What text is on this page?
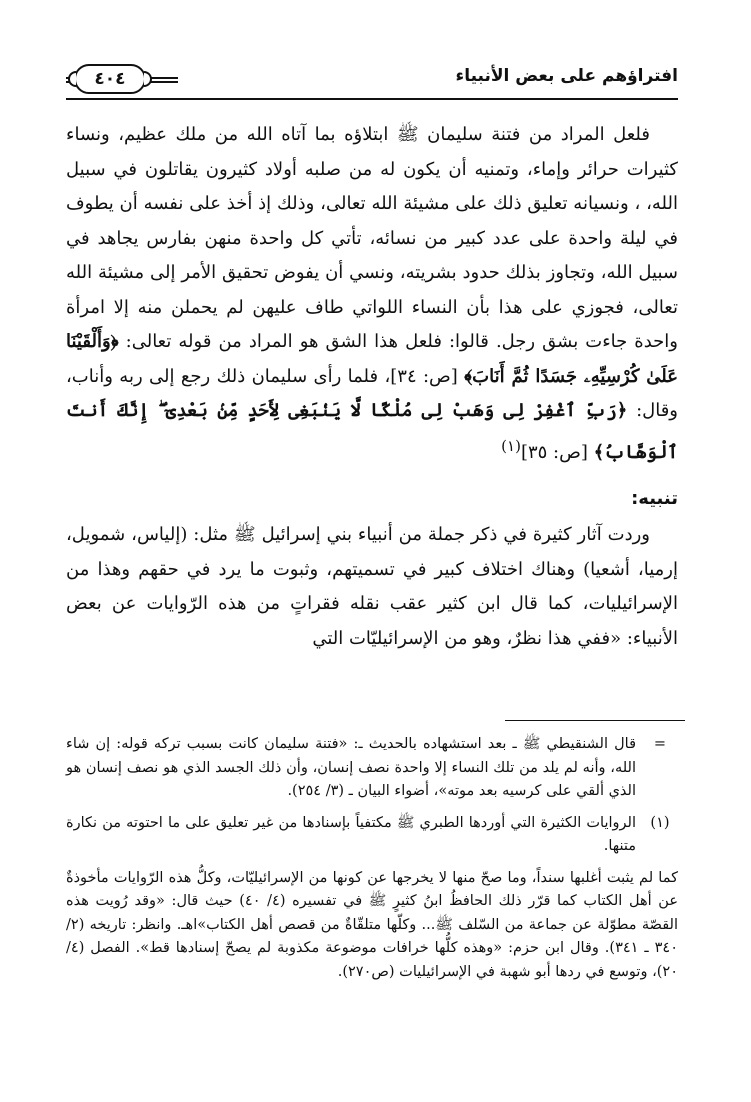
افتراؤهم على بعض الأنبياء
٤٠٤

فلعل المراد من فتنة سليمان ﷺ ابتلاؤه بما آتاه الله من ملك عظيم، ونساء كثيرات حرائر وإماء، وتمنيه أن يكون له من صلبه أولاد كثيرون يقاتلون في سبيل الله، ، ونسيانه تعليق ذلك على مشيئة الله تعالى، وذلك إذ أخذ على نفسه أن يطوف في ليلة واحدة على عدد كبير من نسائه، تأتي كل واحدة منهن بفارس يجاهد في سبيل الله، وتجاوز بذلك حدود بشريته، ونسي أن يفوض تحقيق الأمر إلى مشيئة الله تعالى، فجوزي على هذا بأن النساء اللواتي طاف عليهن لم يحملن منه إلا امرأة واحدة جاءت بشق رجل. قالوا: فلعل هذا الشق هو المراد من قوله تعالى: ﴿وَأَلْقَيْنَا عَلَىٰ كُرْسِيِّهِۦ جَسَدًا ثُمَّ أَنَابَ﴾ [ص: ٣٤]، فلما رأى سليمان ذلك رجع إلى ربه وأناب، وقال: ﴿رَبِّ ٱغْفِرْ لِى وَهَبْ لِى مُلْكًا لَّا يَنۢبَغِى لِأَحَدٍ مِّنۢ بَعْدِىٓ ۖ إِنَّكَ أَنتَ ٱلْوَهَّابُ﴾ [ص: ٣٥]$^{(١)}$

تنبيه:

وردت آثار كثيرة في ذكر جملة من أنبياء بني إسرائيل ﷺ مثل: (إلياس، شمويل، إرميا، أشعيا) وهناك اختلاف كبير في تسميتهم، وثبوت ما يرد في حقهم وهذا من الإسرائيليات، كما قال ابن كثير عقب نقله فقراتٍ من هذه الرّوايات عن بعض الأنبياء: «ففي هذا نظرٌ، وهو من الإسرائيليّات التي

=
قال الشنقيطي ﷺ ـ بعد استشهاده بالحديث ـ: «فتنة سليمان كانت بسبب تركه قوله: إن شاء الله، وأنه لم يلد من تلك النساء إلا واحدة نصف إنسان، وأن ذلك الجسد الذي هو نصف إنسان هو الذي ألقي على كرسيه بعد موته»، أضواء البيان ـ (٣/ ٢٥٤).
(١)
الروايات الكثيرة التي أوردها الطبري ﷺ مكتفياً بإسنادها من غير تعليق على ما احتوته من نكارة متنها.

كما لم يثبت أغلبها سنداً، وما صحّ منها لا يخرجها عن كونها من الإسرائيليّات، وكلُّ هذه الرّوايات مأخوذةٌ عن أهل الكتاب كما قرّر ذلك الحافظُ ابنُ كثيرٍ ﷺ في تفسيره (٤/ ٤٠) حيث قال: «وقد رُويت هذه القصّة مطوّلة عن جماعة من السّلف ﷺ... وكلّها متلقّاةٌ من قصص أهل الكتاب»اهـ. وانظر: تاريخه (٢/ ٣٤٠ ـ ٣٤١). وقال ابن حزم: «وهذه كلُّها خرافات موضوعة مكذوبة لم يصحّ إسنادها قط». الفصل (٤/ ٢٠)، وتوسع في ردها أبو شهبة في الإسرائيليات (ص٢٧٠).
